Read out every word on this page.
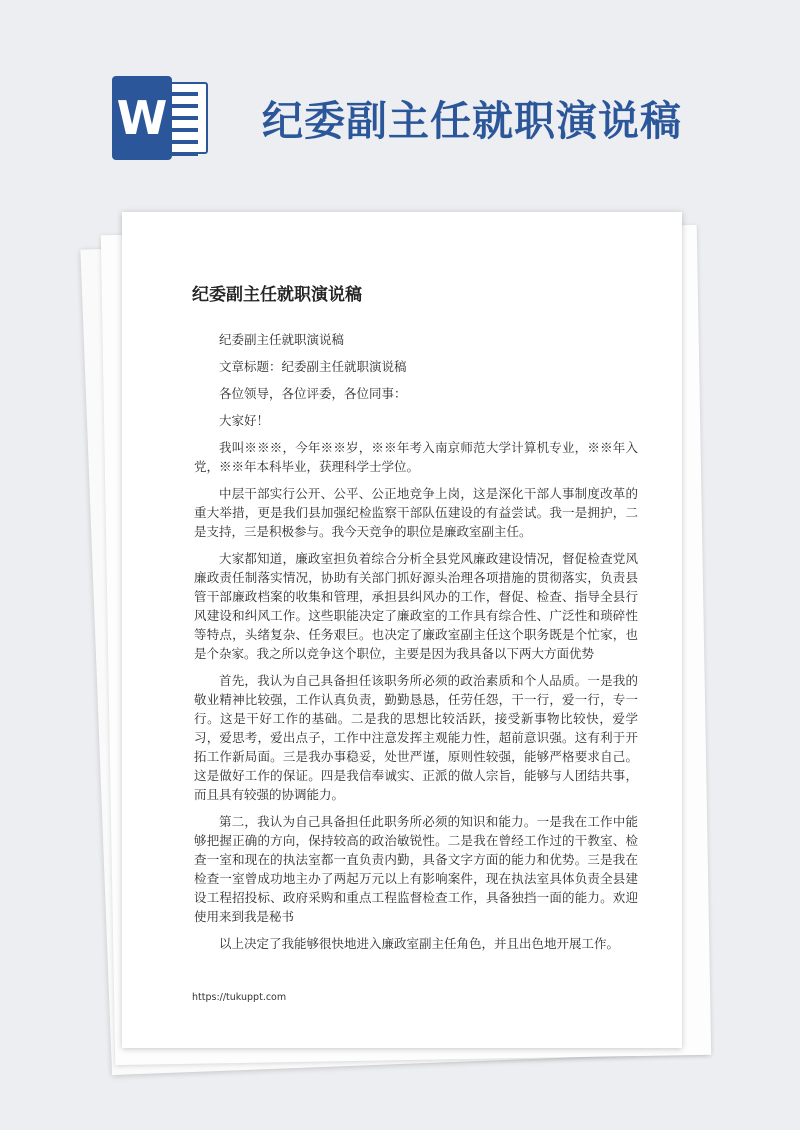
W 纪委副主任就职演说稿
纪委副主任就职演说稿

纪委副主任就职演说稿

文章标题：纪委副主任就职演说稿

各位领导，各位评委，各位同事：

大家好！

我叫※※※，今年※※岁，※※年考入南京师范大学计算机专业，※※年入党，※※年本科毕业，获理科学士学位。

中层干部实行公开、公平、公正地竞争上岗，这是深化干部人事制度改革的重大举措，更是我们县加强纪检监察干部队伍建设的有益尝试。我一是拥护，二是支持，三是积极参与。我今天竞争的职位是廉政室副主任。

大家都知道，廉政室担负着综合分析全县党风廉政建设情况，督促检查党风廉政责任制落实情况，协助有关部门抓好源头治理各项措施的贯彻落实，负责县管干部廉政档案的收集和管理，承担县纠风办的工作，督促、检查、指导全县行风建设和纠风工作。这些职能决定了廉政室的工作具有综合性、广泛性和琐碎性等特点，头绪复杂、任务艰巨。也决定了廉政室副主任这个职务既是个忙家，也是个杂家。我之所以竞争这个职位，主要是因为我具备以下两大方面优势

首先，我认为自己具备担任该职务所必须的政治素质和个人品质。一是我的敬业精神比较强，工作认真负责，勤勤恳恳，任劳任怨，干一行，爱一行，专一行。这是干好工作的基础。二是我的思想比较活跃，接受新事物比较快，爱学习，爱思考，爱出点子，工作中注意发挥主观能力性，超前意识强。这有利于开拓工作新局面。三是我办事稳妥，处世严谨，原则性较强，能够严格要求自己。这是做好工作的保证。四是我信奉诚实、正派的做人宗旨，能够与人团结共事，而且具有较强的协调能力。

第二，我认为自己具备担任此职务所必须的知识和能力。一是我在工作中能够把握正确的方向，保持较高的政治敏锐性。二是我在曾经工作过的干教室、检查一室和现在的执法室都一直负责内勤，具备文字方面的能力和优势。三是我在检查一室曾成功地主办了两起万元以上有影响案件，现在执法室具体负责全县建设工程招投标、政府采购和重点工程监督检查工作，具备独挡一面的能力。欢迎使用来到我是秘书

以上决定了我能够很快地进入廉政室副主任角色，并且出色地开展工作。

https://tukuppt.com
